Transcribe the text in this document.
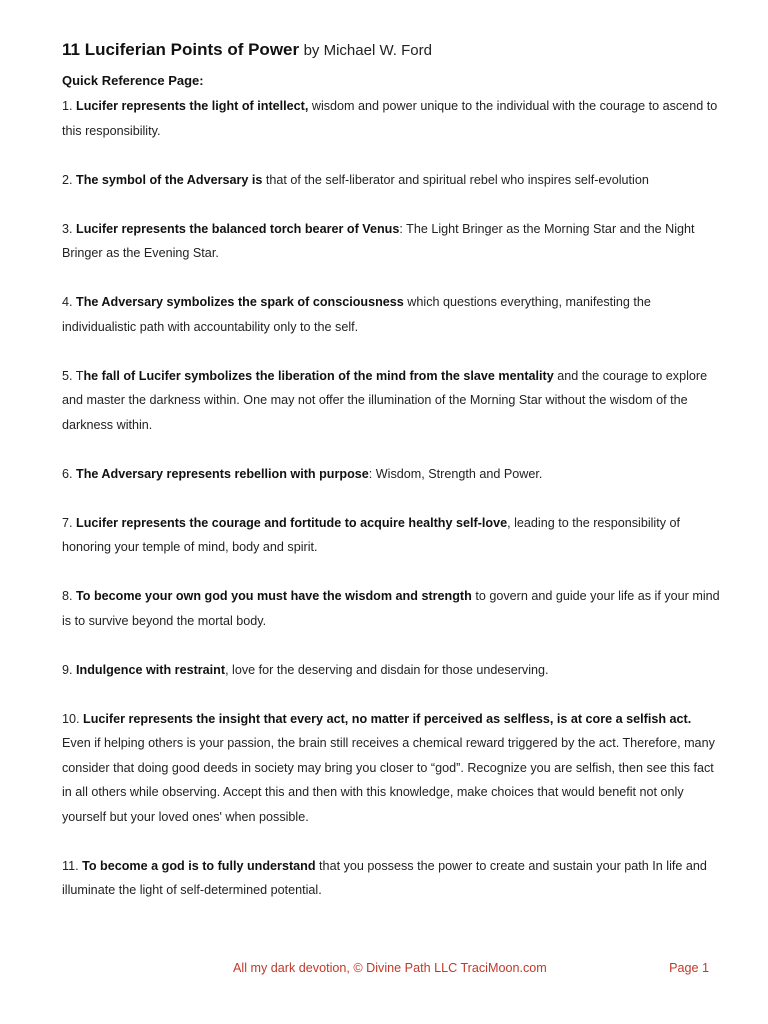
11 Luciferian Points of Power by Michael W. Ford
Quick Reference Page:
1. Lucifer represents the light of intellect, wisdom and power unique to the individual with the courage to ascend to this responsibility.
2. The symbol of the Adversary is that of the self-liberator and spiritual rebel who inspires self-evolution
3. Lucifer represents the balanced torch bearer of Venus: The Light Bringer as the Morning Star and the Night Bringer as the Evening Star.
4. The Adversary symbolizes the spark of consciousness which questions everything, manifesting the individualistic path with accountability only to the self.
5. The fall of Lucifer symbolizes the liberation of the mind from the slave mentality and the courage to explore and master the darkness within. One may not offer the illumination of the Morning Star without the wisdom of the darkness within.
6. The Adversary represents rebellion with purpose: Wisdom, Strength and Power.
7. Lucifer represents the courage and fortitude to acquire healthy self-love, leading to the responsibility of honoring your temple of mind, body and spirit.
8. To become your own god you must have the wisdom and strength to govern and guide your life as if your mind is to survive beyond the mortal body.
9. Indulgence with restraint, love for the deserving and disdain for those undeserving.
10. Lucifer represents the insight that every act, no matter if perceived as selfless, is at core a selfish act. Even if helping others is your passion, the brain still receives a chemical reward triggered by the act. Therefore, many consider that doing good deeds in society may bring you closer to “god”. Recognize you are selfish, then see this fact in all others while observing. Accept this and then with this knowledge, make choices that would benefit not only yourself but your loved ones' when possible.
11. To become a god is to fully understand that you possess the power to create and sustain your path In life and illuminate the light of self-determined potential.
All my dark devotion, © Divine Path LLC TraciMoon.com	Page 1
